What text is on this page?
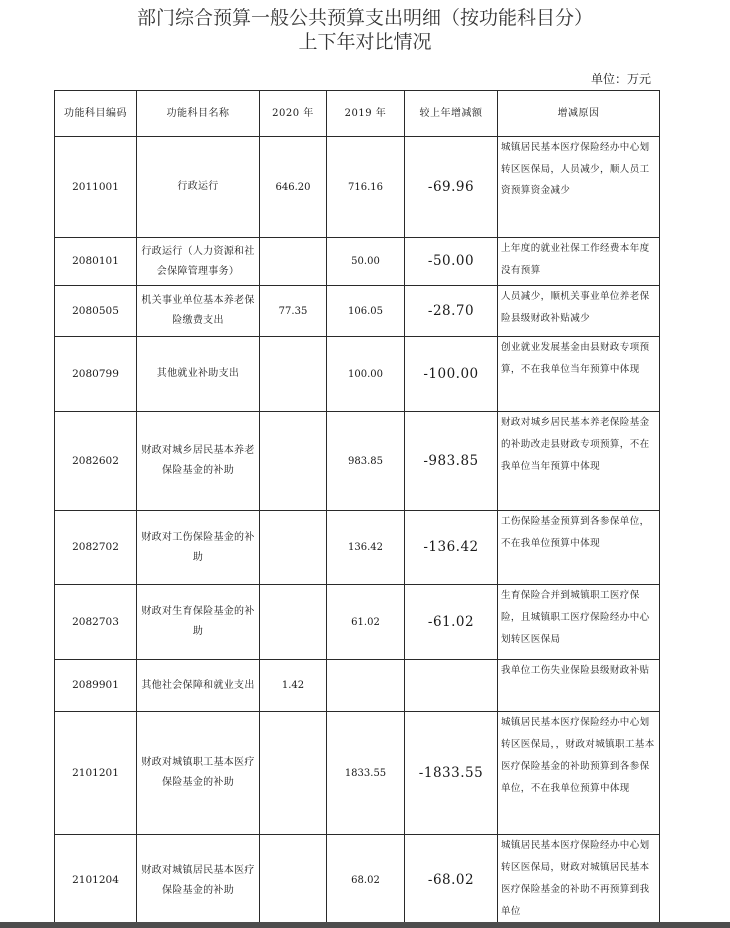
部门综合预算一般公共预算支出明细（按功能科目分）
上下年对比情况
单位：万元
功能科目编码	功能科目名称	2020 年	2019 年	较上年增减额	增减原因
2011001	行政运行	646.20	716.16	-69.96	城镇居民基本医疗保险经办中心划转区医保局，人员减少，顺人员工资预算资金减少
2080101	行政运行（人力资源和社会保障管理事务）		50.00	-50.00	上年度的就业社保工作经费本年度没有预算
2080505	机关事业单位基本养老保险缴费支出	77.35	106.05	-28.70	人员减少，顺机关事业单位养老保险县级财政补贴减少
2080799	其他就业补助支出		100.00	-100.00	创业就业发展基金由县财政专项预算，不在我单位当年预算中体现
2082602	财政对城乡居民基本养老保险基金的补助		983.85	-983.85	财政对城乡居民基本养老保险基金的补助改走县财政专项预算，不在我单位当年预算中体现
2082702	财政对工伤保险基金的补助		136.42	-136.42	工伤保险基金预算到各参保单位，不在我单位预算中体现
2082703	财政对生育保险基金的补助		61.02	-61.02	生育保险合并到城镇职工医疗保险，且城镇职工医疗保险经办中心划转区医保局
2089901	其他社会保障和就业支出	1.42			我单位工伤失业保险县级财政补贴
2101201	财政对城镇职工基本医疗保险基金的补助		1833.55	-1833.55	城镇居民基本医疗保险经办中心划转区医保局，，财政对城镇职工基本医疗保险基金的补助预算到各参保单位，不在我单位预算中体现
2101204	财政对城镇居民基本医疗保险基金的补助		68.02	-68.02	城镇居民基本医疗保险经办中心划转区医保局，财政对城镇居民基本医疗保险基金的补助不再预算到我单位
